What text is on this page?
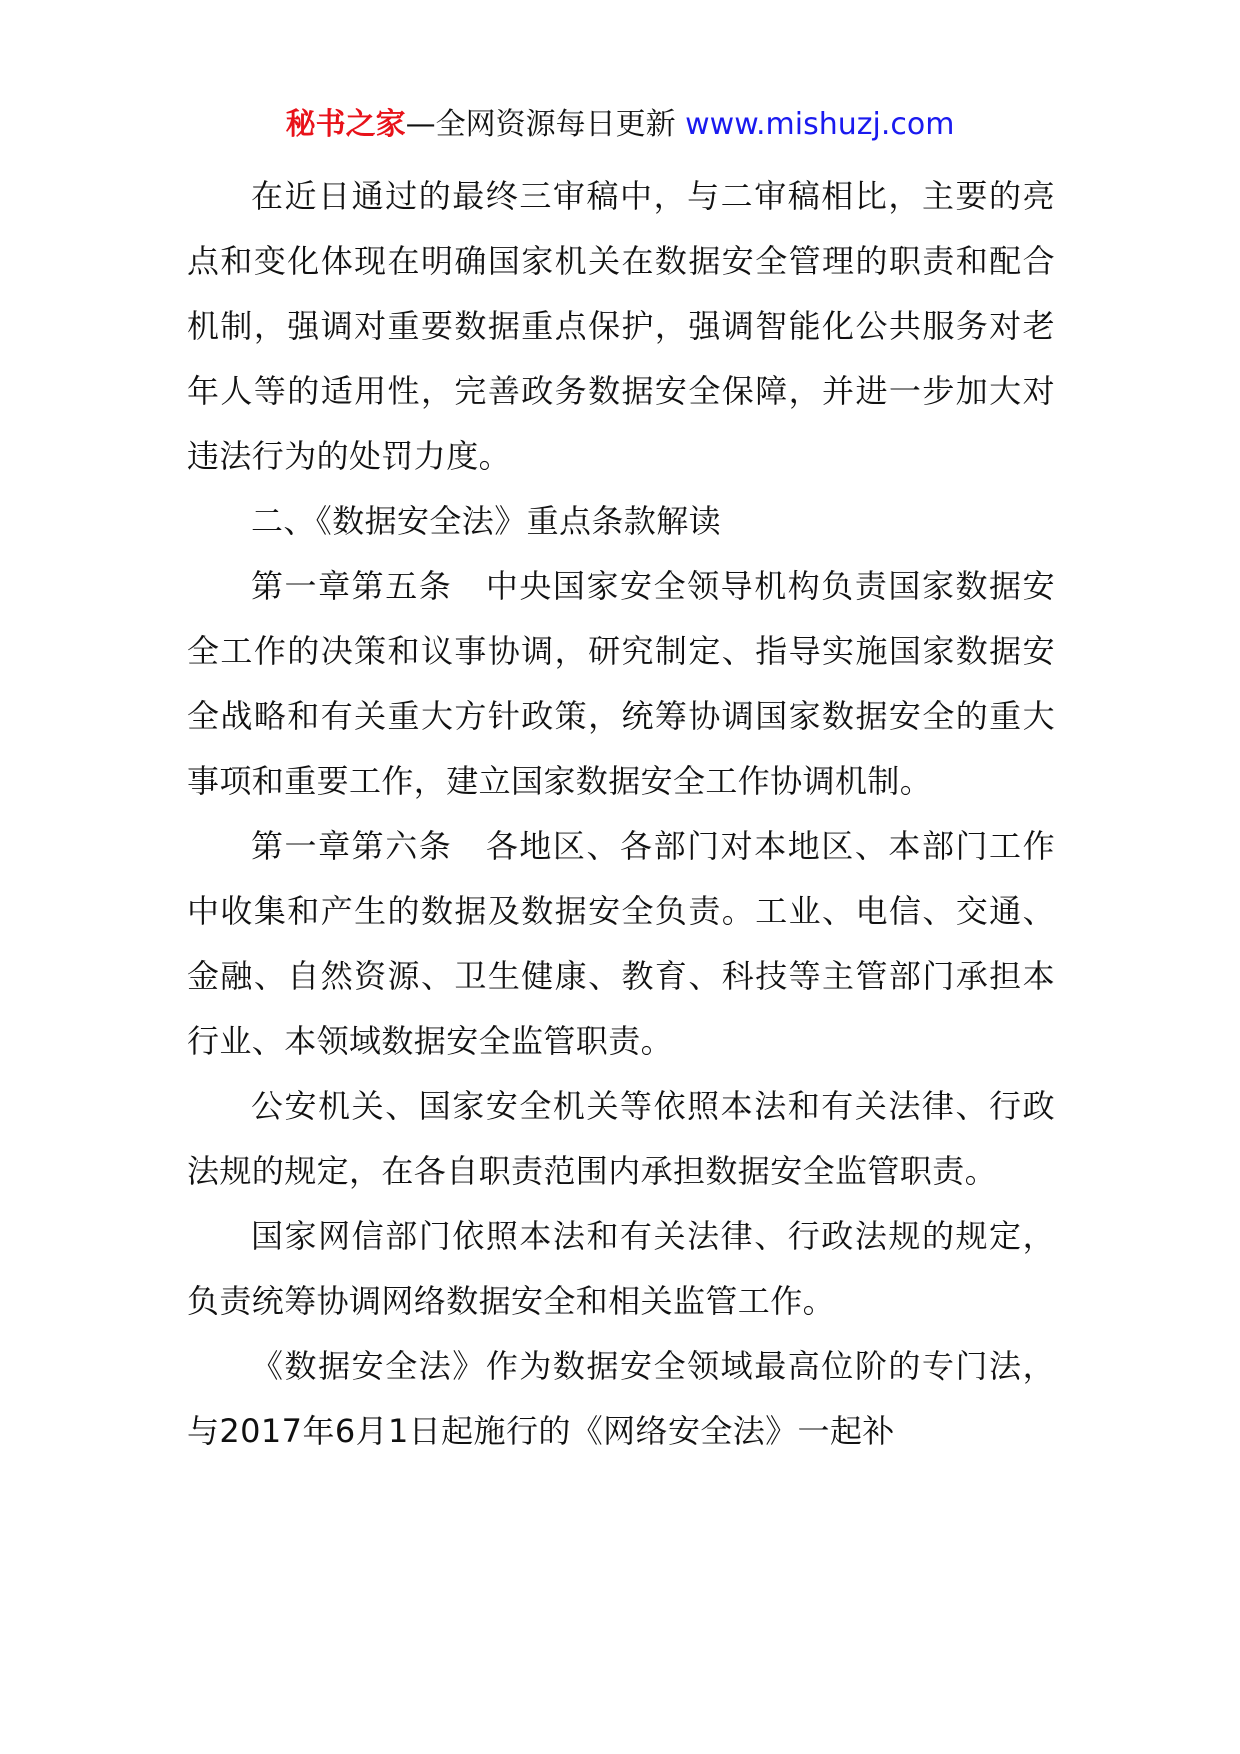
秘书之家—全网资源每日更新 www.mishuzj.com

在近日通过的最终三审稿中，与二审稿相比，主要的亮点和变化体现在明确国家机关在数据安全管理的职责和配合机制，强调对重要数据重点保护，强调智能化公共服务对老年人等的适用性，完善政务数据安全保障，并进一步加大对违法行为的处罚力度。

二、《数据安全法》重点条款解读

第一章第五条　中央国家安全领导机构负责国家数据安全工作的决策和议事协调，研究制定、指导实施国家数据安全战略和有关重大方针政策，统筹协调国家数据安全的重大事项和重要工作，建立国家数据安全工作协调机制。

第一章第六条　各地区、各部门对本地区、本部门工作中收集和产生的数据及数据安全负责。工业、电信、交通、金融、自然资源、卫生健康、教育、科技等主管部门承担本行业、本领域数据安全监管职责。

公安机关、国家安全机关等依照本法和有关法律、行政法规的规定，在各自职责范围内承担数据安全监管职责。

国家网信部门依照本法和有关法律、行政法规的规定，负责统筹协调网络数据安全和相关监管工作。

《数据安全法》作为数据安全领域最高位阶的专门法，与2017年6月1日起施行的《网络安全法》一起补
